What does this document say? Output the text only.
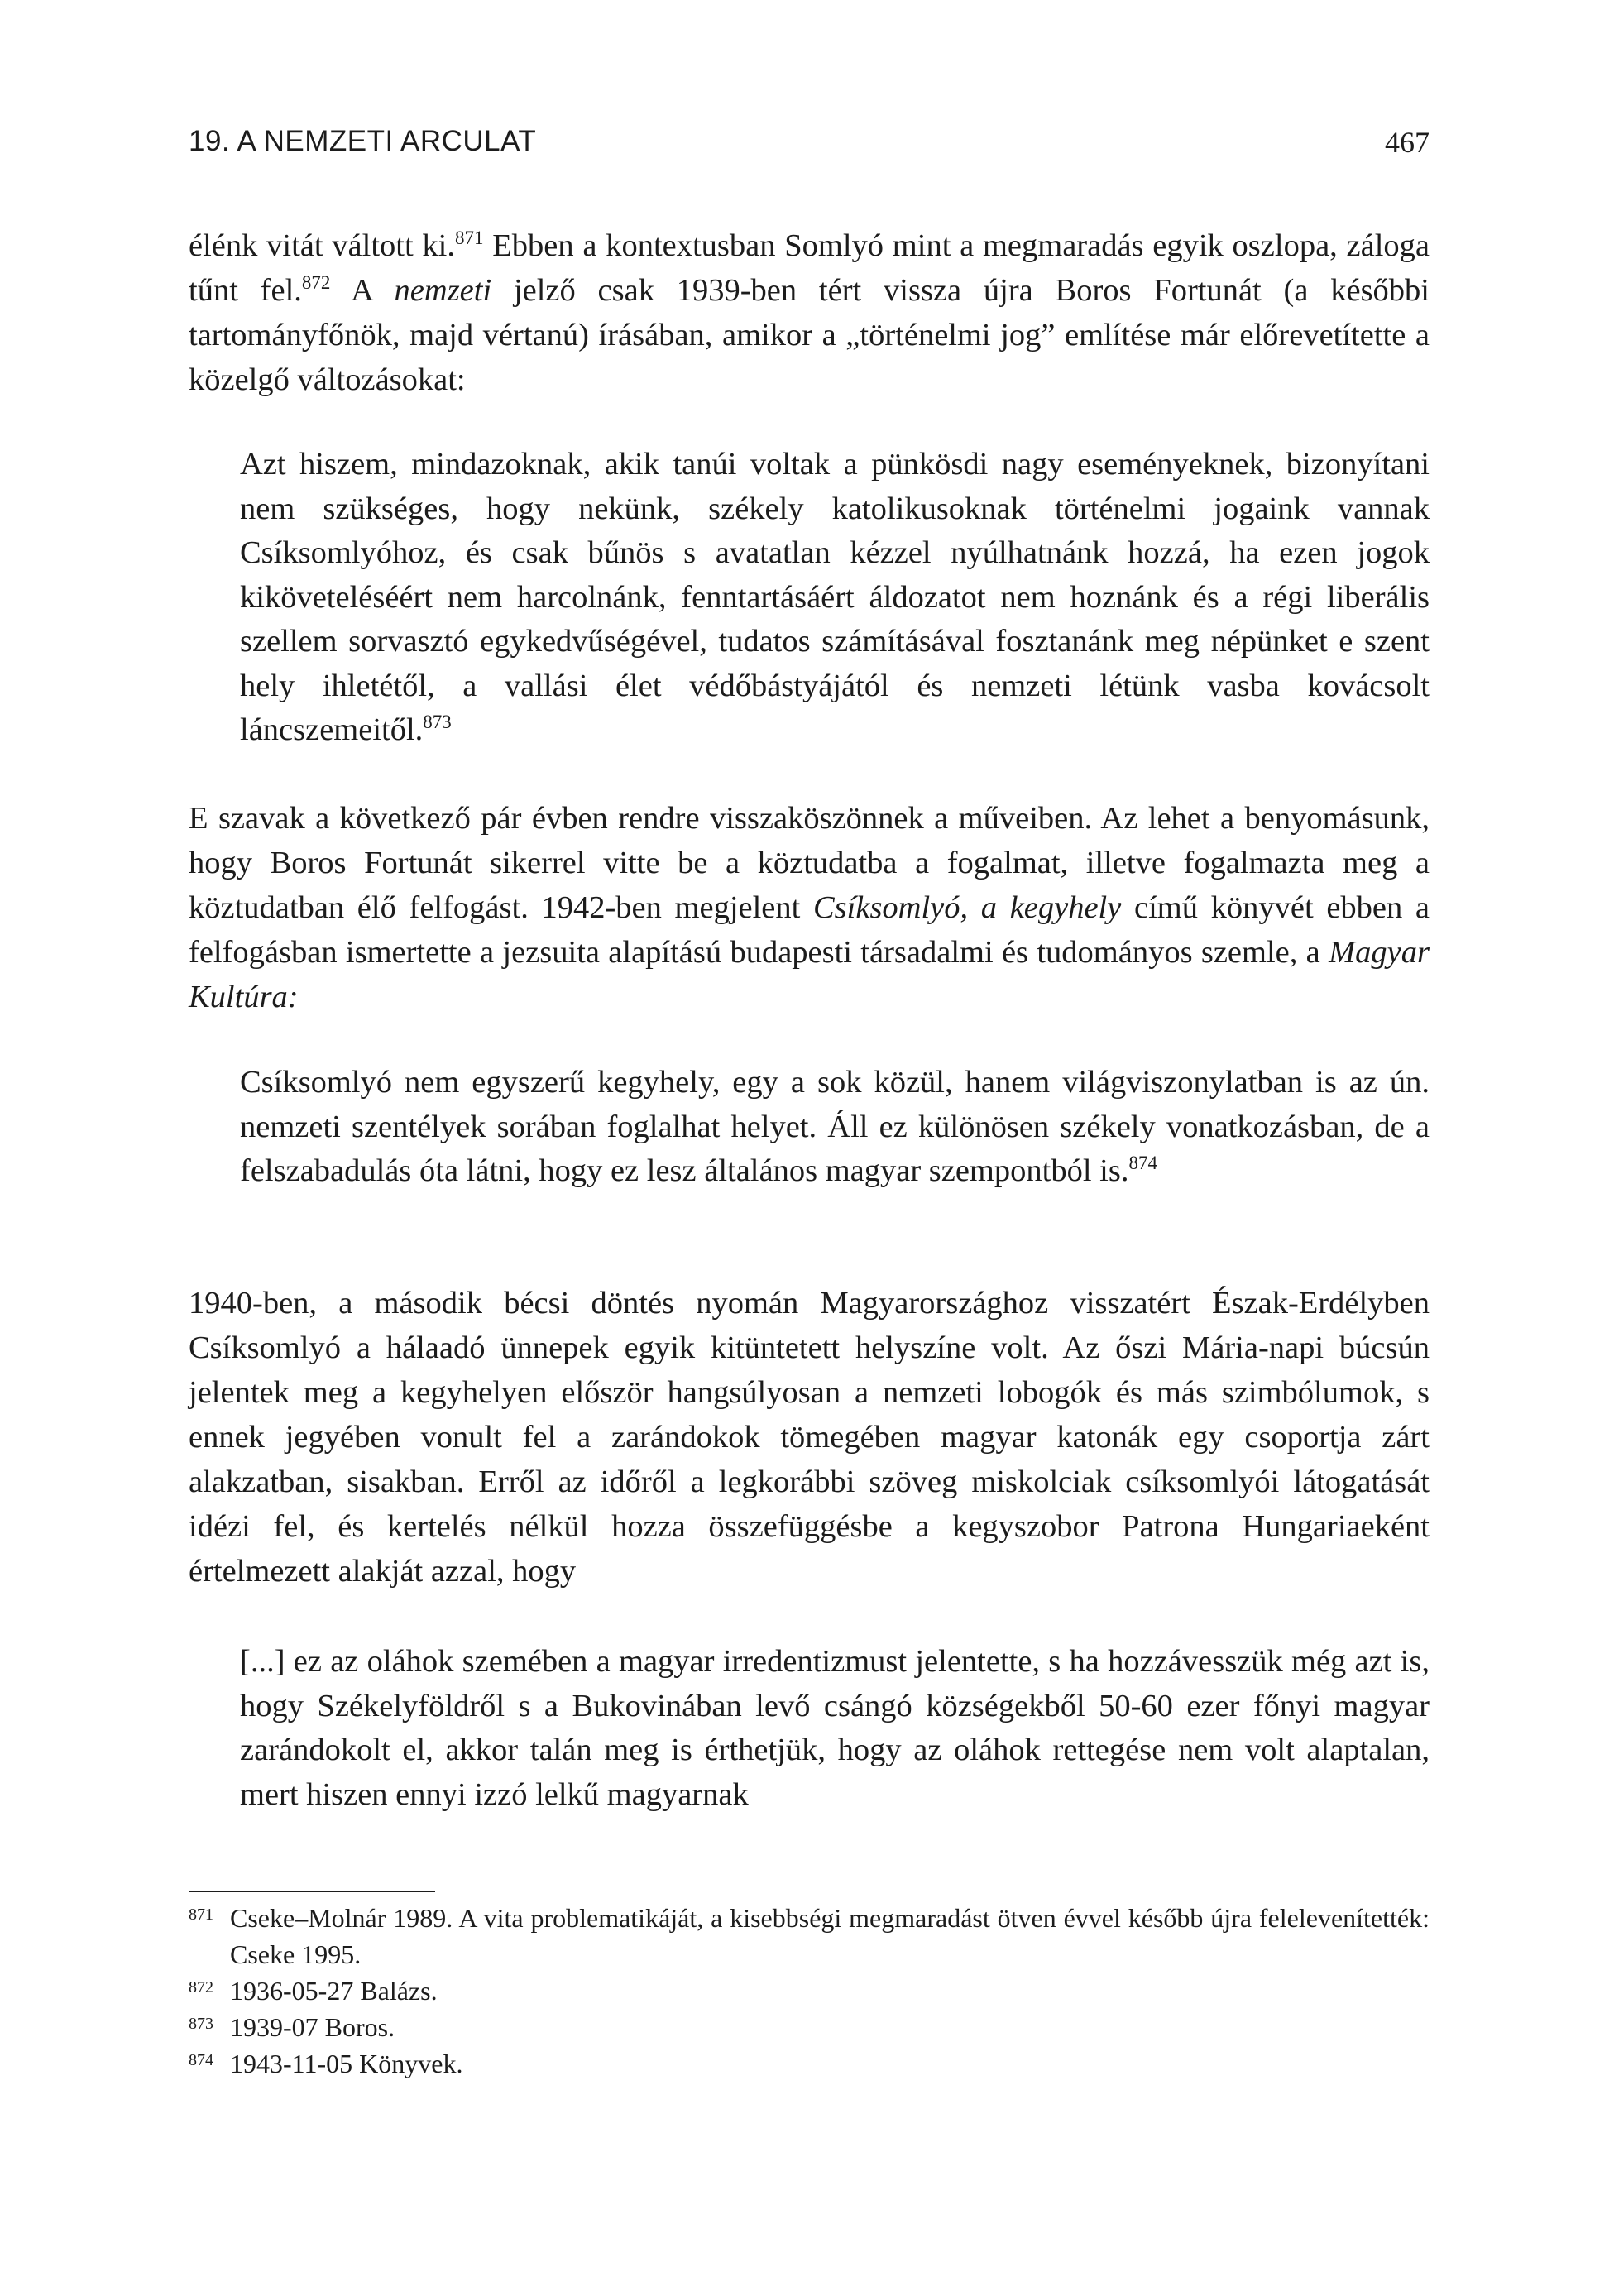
19. A NEMZETI ARCULAT	467

élénk vitát váltott ki.$^{871}$ Ebben a kontextusban Somlyó mint a megmaradás egyik oszlopa, záloga tűnt fel.$^{872}$ A nemzeti jelző csak 1939-ben tért vissza újra Boros Fortunát (a későbbi tartományfőnök, majd vértanú) írásában, amikor a „történelmi jog” említése már előrevetítette a közelgő változásokat:

Azt hiszem, mindazoknak, akik tanúi voltak a pünkösdi nagy eseményeknek, bizonyítani nem szükséges, hogy nekünk, székely katolikusoknak történelmi jogaink vannak Csíksomlyóhoz, és csak bűnös s avatatlan kézzel nyúlhatnánk hozzá, ha ezen jogok kiköveteléséért nem harcolnánk, fenntartásáért áldozatot nem hoznánk és a régi liberális szellem sorvasztó egykedvűségével, tudatos számításával fosztanánk meg népünket e szent hely ihletétől, a vallási élet védőbástyájától és nemzeti létünk vasba kovácsolt láncszemeitől.$^{873}$

E szavak a következő pár évben rendre visszaköszönnek a műveiben. Az lehet a benyomásunk, hogy Boros Fortunát sikerrel vitte be a köztudatba a fogalmat, illetve fogalmazta meg a köztudatban élő felfogást. 1942-ben megjelent Csíksomlyó, a kegyhely című könyvét ebben a felfogásban ismertette a jezsuita alapítású budapesti társadalmi és tudományos szemle, a Magyar Kultúra:

Csíksomlyó nem egyszerű kegyhely, egy a sok közül, hanem világviszonylatban is az ún. nemzeti szentélyek sorában foglalhat helyet. Áll ez különösen székely vonatkozásban, de a felszabadulás óta látni, hogy ez lesz általános magyar szempontból is.$^{874}$

1940-ben, a második bécsi döntés nyomán Magyarországhoz visszatért Észak-Erdélyben Csíksomlyó a hálaadó ünnepek egyik kitüntetett helyszíne volt. Az őszi Mária-napi búcsún jelentek meg a kegyhelyen először hangsúlyosan a nemzeti lobogók és más szimbólumok, s ennek jegyében vonult fel a zarándokok tömegében magyar katonák egy csoportja zárt alakzatban, sisakban. Erről az időről a legkorábbi szöveg miskolciak csíksomlyói látogatását idézi fel, és kertelés nélkül hozza összefüggésbe a kegyszobor Patrona Hungariaeként értelmezett alakját azzal, hogy

[...] ez az oláhok szemében a magyar irredentizmust jelentette, s ha hozzávesszük még azt is, hogy Székelyföldről s a Bukovinában levő csángó községekből 50-60 ezer főnyi magyar zarándokolt el, akkor talán meg is érthetjük, hogy az oláhok rettegése nem volt alaptalan, mert hiszen ennyi izzó lelkű magyarnak

871 Cseke–Molnár 1989. A vita problematikáját, a kisebbségi megmaradást ötven évvel később újra felelevenítették: Cseke 1995.
872 1936-05-27 Balázs.
873 1939-07 Boros.
874 1943-11-05 Könyvek.
